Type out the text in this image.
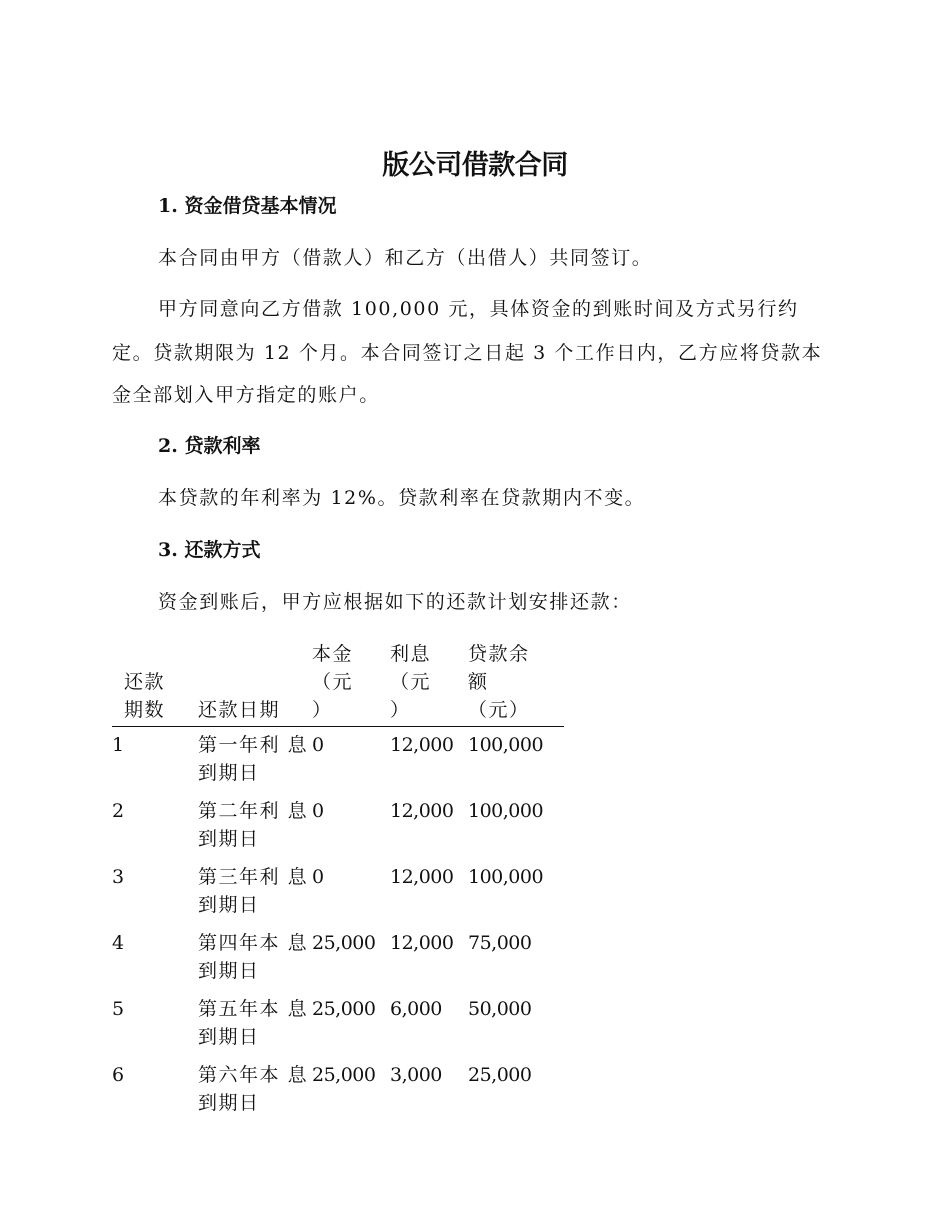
版公司借款合同
1. 资金借贷基本情况

本合同由甲方（借款人）和乙方（出借人）共同签订。

甲方同意向乙方借款 100,000 元，具体资金的到账时间及方式另行约

定。贷款期限为 12 个月。本合同签订之日起 3 个工作日内，乙方应将贷款本

金全部划入甲方指定的账户。

2. 贷款利率

本贷款的年利率为 12%。贷款利率在贷款期内不变。

3. 还款方式

资金到账后，甲方应根据如下的还款计划安排还款：

还款
期数	还款日期	本金
（元
）	利息
（元
）	贷款余
额
（元）

1	第一年利 息到期日	0	12,000	100,000
2	第二年利 息到期日	0	12,000	100,000
3	第三年利 息到期日	0	12,000	100,000
4	第四年本 息到期日	25,000	12,000	75,000
5	第五年本 息到期日	25,000	6,000	50,000
6	第六年本 息到期日	25,000	3,000	25,000
